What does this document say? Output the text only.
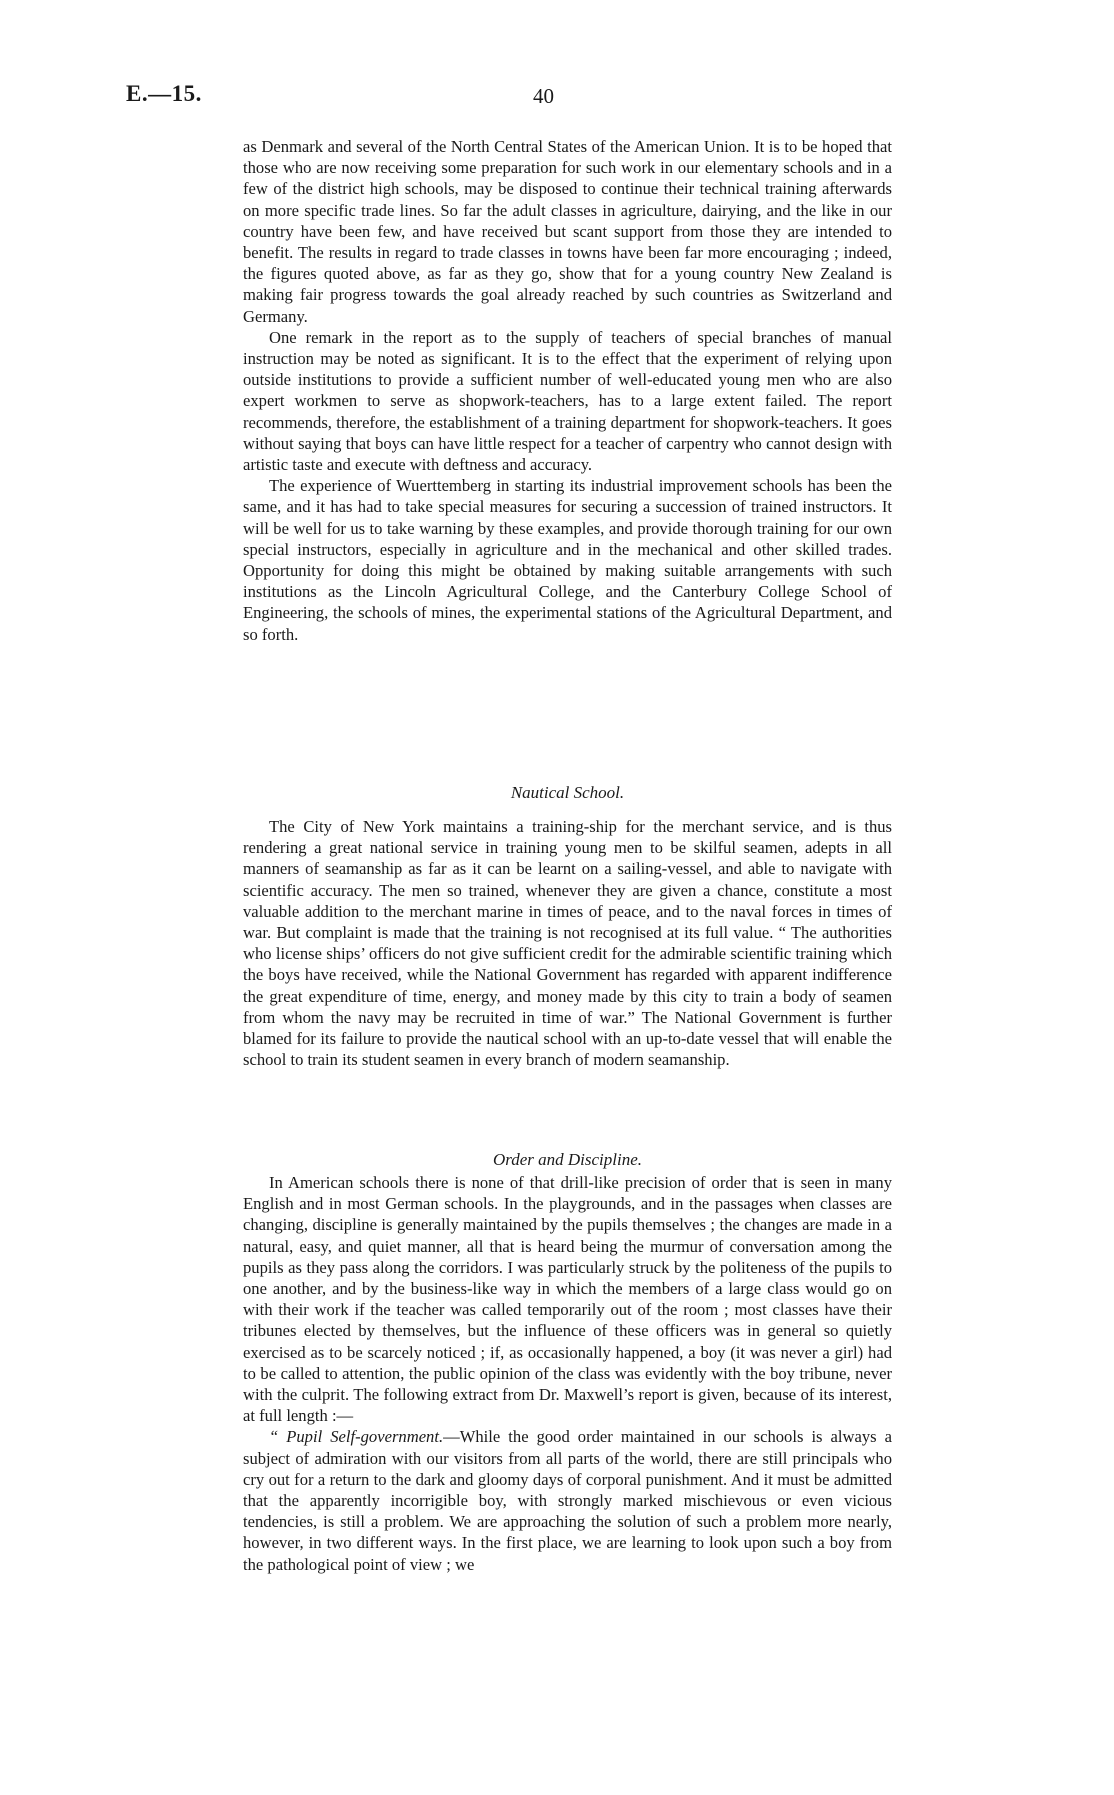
E.—15.	40

as Denmark and several of the North Central States of the American Union. It is to be hoped that those who are now receiving some preparation for such work in our elementary schools and in a few of the district high schools, may be disposed to continue their technical training afterwards on more specific trade lines. So far the adult classes in agriculture, dairying, and the like in our country have been few, and have received but scant support from those they are intended to benefit. The results in regard to trade classes in towns have been far more encouraging ; indeed, the figures quoted above, as far as they go, show that for a young country New Zealand is making fair progress towards the goal already reached by such countries as Switzerland and Germany.

One remark in the report as to the supply of teachers of special branches of manual instruction may be noted as significant. It is to the effect that the experiment of relying upon outside institutions to provide a sufficient number of well-educated young men who are also expert workmen to serve as shopwork-teachers, has to a large extent failed. The report recommends, therefore, the establishment of a training department for shopwork-teachers. It goes without saying that boys can have little respect for a teacher of carpentry who cannot design with artistic taste and execute with deftness and accuracy.

The experience of Wuerttemberg in starting its industrial improvement schools has been the same, and it has had to take special measures for securing a succession of trained instructors. It will be well for us to take warning by these examples, and provide thorough training for our own special instructors, especially in agriculture and in the mechanical and other skilled trades. Opportunity for doing this might be obtained by making suitable arrangements with such institutions as the Lincoln Agricultural College, and the Canterbury College School of Engineering, the schools of mines, the experimental stations of the Agricultural Department, and so forth.

Nautical School.

The City of New York maintains a training-ship for the merchant service, and is thus rendering a great national service in training young men to be skilful seamen, adepts in all manners of seamanship as far as it can be learnt on a sailing-vessel, and able to navigate with scientific accuracy. The men so trained, whenever they are given a chance, constitute a most valuable addition to the merchant marine in times of peace, and to the naval forces in times of war. But complaint is made that the training is not recognised at its full value. “ The authorities who license ships’ officers do not give sufficient credit for the admirable scientific training which the boys have received, while the National Government has regarded with apparent indifference the great expenditure of time, energy, and money made by this city to train a body of seamen from whom the navy may be recruited in time of war.” The National Government is further blamed for its failure to provide the nautical school with an up-to-date vessel that will enable the school to train its student seamen in every branch of modern seamanship.

Order and Discipline.

In American schools there is none of that drill-like precision of order that is seen in many English and in most German schools. In the playgrounds, and in the passages when classes are changing, discipline is generally maintained by the pupils themselves ; the changes are made in a natural, easy, and quiet manner, all that is heard being the murmur of conversation among the pupils as they pass along the corridors. I was particularly struck by the politeness of the pupils to one another, and by the business-like way in which the members of a large class would go on with their work if the teacher was called temporarily out of the room ; most classes have their tribunes elected by themselves, but the influence of these officers was in general so quietly exercised as to be scarcely noticed ; if, as occasionally happened, a boy (it was never a girl) had to be called to attention, the public opinion of the class was evidently with the boy tribune, never with the culprit. The following extract from Dr. Maxwell’s report is given, because of its interest, at full length :—

“ Pupil Self-government.—While the good order maintained in our schools is always a subject of admiration with our visitors from all parts of the world, there are still principals who cry out for a return to the dark and gloomy days of corporal punishment. And it must be admitted that the apparently incorrigible boy, with strongly marked mischievous or even vicious tendencies, is still a problem. We are approaching the solution of such a problem more nearly, however, in two different ways. In the first place, we are learning to look upon such a boy from the pathological point of view ; we
